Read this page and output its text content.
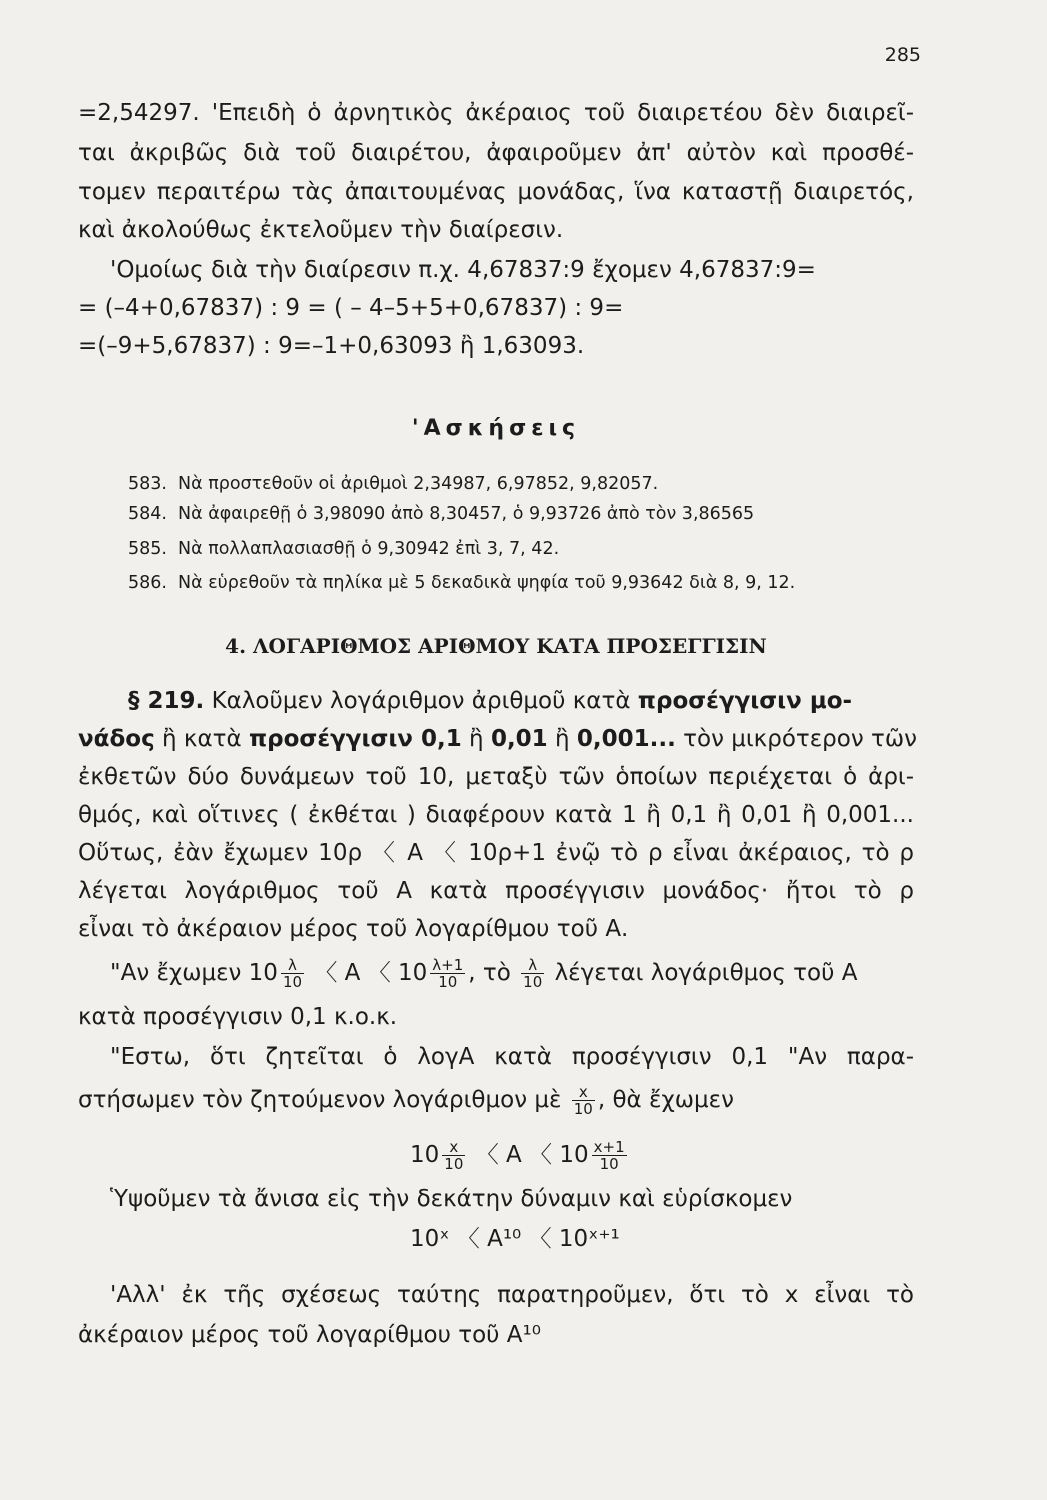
285
=2,54297. 'Επειδὴ ὁ ἀρνητικὸς ἀκέραιος τοῦ διαιρετέου δὲν διαιρεῖ-
ται ἀκριβῶς διὰ τοῦ διαιρέτου, ἀφαιροῦμεν ἀπ' αὐτὸν καὶ προσθέ-
τομεν περαιτέρω τὰς ἀπαιτουμένας μονάδας, ἵνα καταστῇ διαιρετός,
καὶ ἀκολούθως ἐκτελοῦμεν τὴν διαίρεσιν.
'Ομοίως διὰ τὴν διαίρεσιν π.χ. 4,67837:9 ἔχομεν 4,67837:9=
= (–4+0,67837) : 9 = ( – 4–5+5+0,67837) : 9=
=(–9+5,67837) : 9=–1+0,63093 ἢ 1,63093.
'Ασκήσεις
583. Νὰ προστεθοῦν οἱ ἀριθμοὶ 2,34987, 6,97852, 9,82057.
584. Νὰ ἀφαιρεθῇ ὁ 3,98090 ἀπὸ 8,30457, ὁ 9,93726 ἀπὸ τὸν 3,86565
585. Νὰ πολλαπλασιασθῇ ὁ 9,30942 ἐπὶ 3, 7, 42.
586. Νὰ εὑρεθοῦν τὰ πηλίκα μὲ 5 δεκαδικὰ ψηφία τοῦ 9,93642 διὰ 8, 9, 12.
4. ΛΟΓΑΡΙΘΜΟΣ ΑΡΙΘΜΟΥ ΚΑΤΑ ΠΡΟΣΕΓΓΙΣΙΝ
§ 219. Καλοῦμεν λογάριθμον ἀριθμοῦ κατὰ προσέγγισιν μο-
νάδος ἢ κατὰ προσέγγισιν 0,1 ἢ 0,01 ἢ 0,001... τὸν μικρότερον τῶν
ἐκθετῶν δύο δυνάμεων τοῦ 10, μεταξὺ τῶν ὁποίων περιέχεται ὁ ἀρι-
θμός, καὶ οἵτινες ( ἐκθέται ) διαφέρουν κατὰ 1 ἢ 0,1 ἢ 0,01 ἢ 0,001...
Οὕτως, ἐὰν ἔχωμεν 10ρ 〈 Α 〈 10ρ+1 ἐνῷ τὸ ρ εἶναι ἀκέραιος, τὸ ρ
λέγεται λογάριθμος τοῦ Α κατὰ προσέγγισιν μονάδος· ἤτοι τὸ ρ
εἶναι τὸ ἀκέραιον μέρος τοῦ λογαρίθμου τοῦ Α.
"Αν ἔχωμεν $10 \frac{\lambda}{10}$ 〈 Α 〈 $10 \frac{\lambda+1}{10}$ , τὸ $\frac{\lambda}{10}$ λέγεται λογάριθμος τοῦ Α
κατὰ προσέγγισιν 0,1 κ.ο.κ.
"Εστω, ὅτι ζητεῖται ὁ λογΑ κατὰ προσέγγισιν 0,1 "Αν παρα-
στήσωμεν τὸν ζητούμενον λογάριθμον μὲ $\frac{x}{10}$ , θὰ ἔχωμεν
$10 \frac{x}{10}$ 〈 Α 〈 $10 \frac{x+1}{10}$
Ὑψοῦμεν τὰ ἄνισα εἰς τὴν δεκάτην δύναμιν καὶ εὑρίσκομεν
10ˣ 〈 Α¹⁰ 〈 10ˣ⁺¹
'Αλλ' ἐκ τῆς σχέσεως ταύτης παρατηροῦμεν, ὅτι τὸ x εἶναι τὸ
ἀκέραιον μέρος τοῦ λογαρίθμου τοῦ Α¹⁰
